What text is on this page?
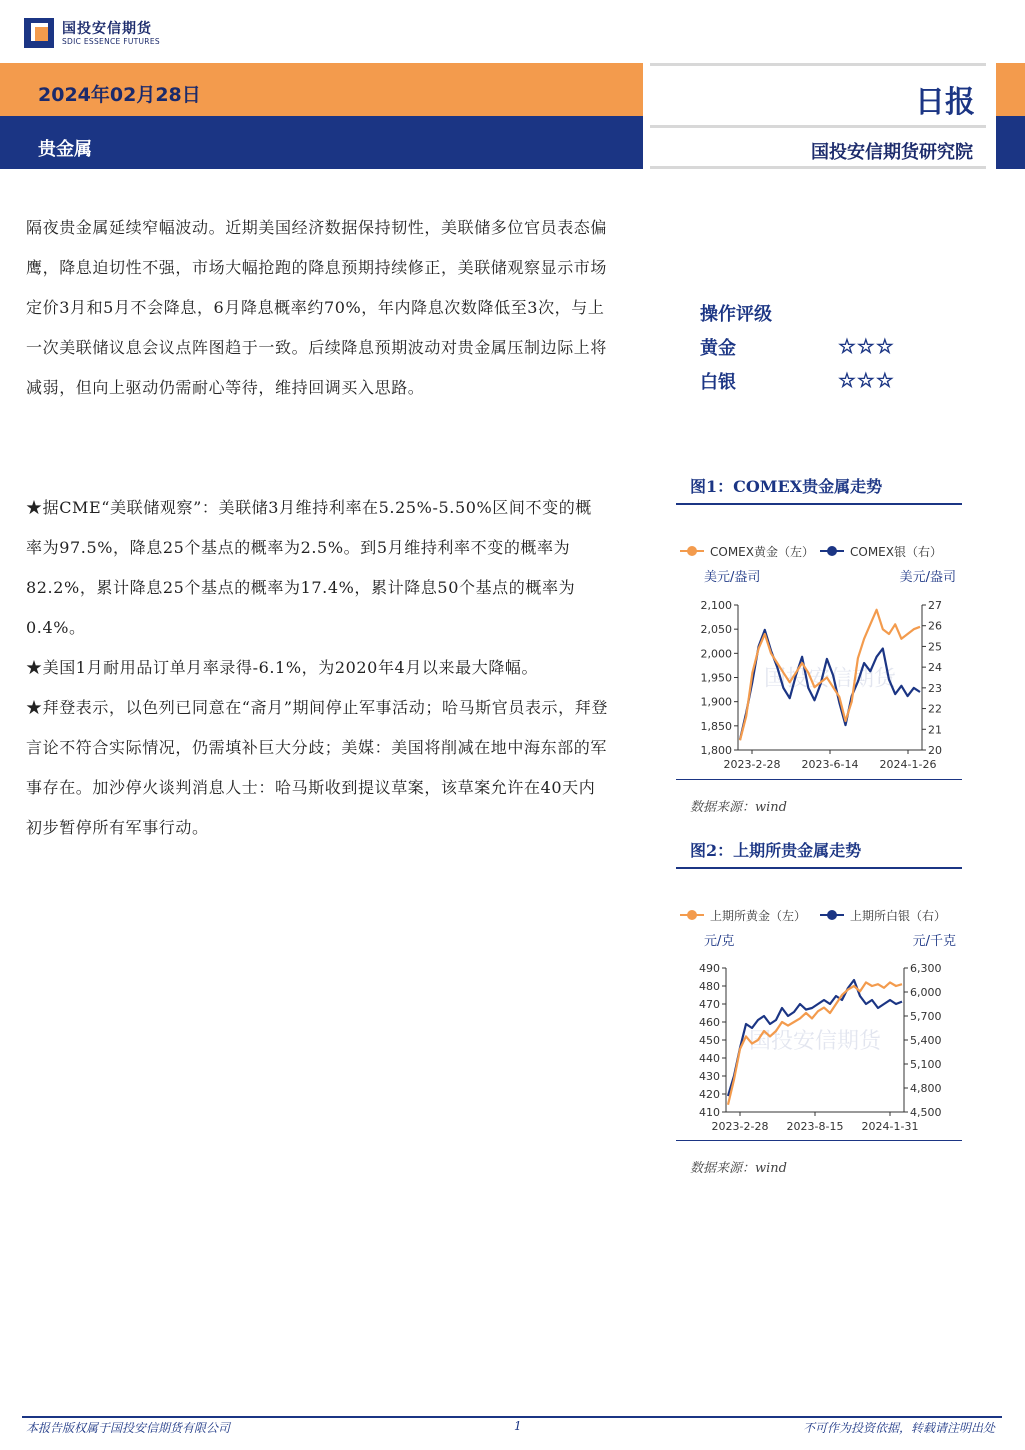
国投安信期货
SDIC ESSENCE FUTURES
2024年02月28日
贵金属
日报
国投安信期货研究院
隔夜贵金属延续窄幅波动。近期美国经济数据保持韧性，美联储多位官员表态偏鹰，降息迫切性不强，市场大幅抢跑的降息预期持续修正，美联储观察显示市场定价3月和5月不会降息，6月降息概率约70%，年内降息次数降低至3次，与上一次美联储议息会议点阵图趋于一致。后续降息预期波动对贵金属压制边际上将减弱，但向上驱动仍需耐心等待，维持回调买入思路。

★据CME“美联储观察”：美联储3月维持利率在5.25%-5.50%区间不变的概率为97.5%，降息25个基点的概率为2.5%。到5月维持利率不变的概率为82.2%，累计降息25个基点的概率为17.4%，累计降息50个基点的概率为0.4%。

★美国1月耐用品订单月率录得-6.1%，为2020年4月以来最大降幅。

★拜登表示，以色列已同意在“斋月”期间停止军事活动；哈马斯官员表示，拜登言论不符合实际情况，仍需填补巨大分歧；美媒：美国将削减在地中海东部的军事存在。加沙停火谈判消息人士：哈马斯收到提议草案，该草案允许在40天内初步暂停所有军事行动。

操作评级
黄金	☆☆☆
白银	☆☆☆
图1：COMEX贵金属走势
COMEX黄金（左）	COMEX银（右）
美元/盎司	美元/盎司
国投安信期货
1,800
1,850
1,900
1,950
2,000
2,050
2,100
20
21
22
23
24
25
26
27
2023-2-28 2023-6-14 2024-1-26
数据来源：wind
图2：上期所贵金属走势
上期所黄金（左）	上期所白银（右）
元/克	元/千克
国投安信期货
410
420
430
440
450
460
470
480
490
4,500
4,800
5,100
5,400
5,700
6,000
6,300
2023-2-28 2023-8-15 2024-1-31
数据来源：wind
本报告版权属于国投安信期货有限公司	1	不可作为投资依据，转载请注明出处
